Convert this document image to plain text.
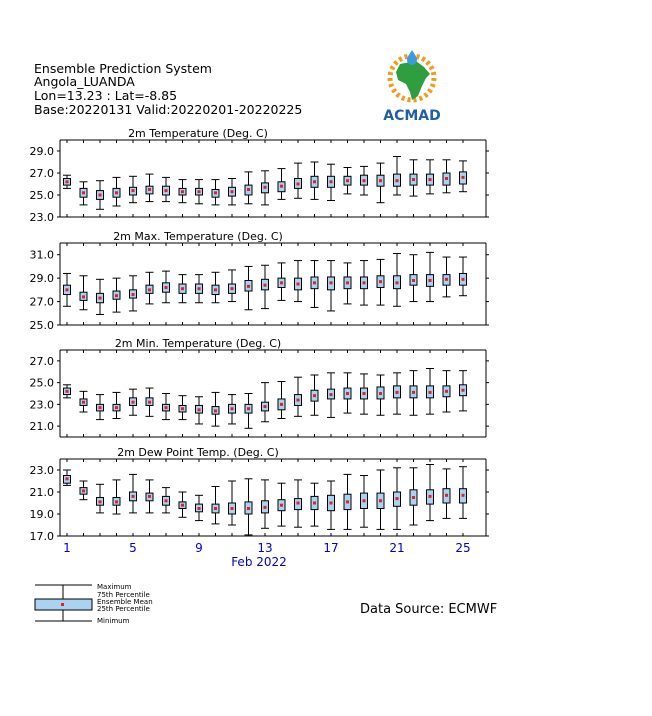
Ensemble Prediction System
Angola_LUANDA
Lon=13.23 : Lat=-8.85
Base:20220131 Valid:20220201-20220225	ACMAD
2m Temperature (Deg. C)
29.0
27.0
25.0
23.0
2m Max. Temperature (Deg. C)
31.0
29.0
27.0
25.0
2m Min. Temperature (Deg. C)
27.0
25.0
23.0
21.0
2m Dew Point Temp. (Deg. C)
23.0
21.0
19.0
17.0
1	5	9	13	17	21	25
Feb 2022
Maximum
75th Percentile
Ensemble Mean
25th Percentile
Minimum
Data Source: ECMWF
